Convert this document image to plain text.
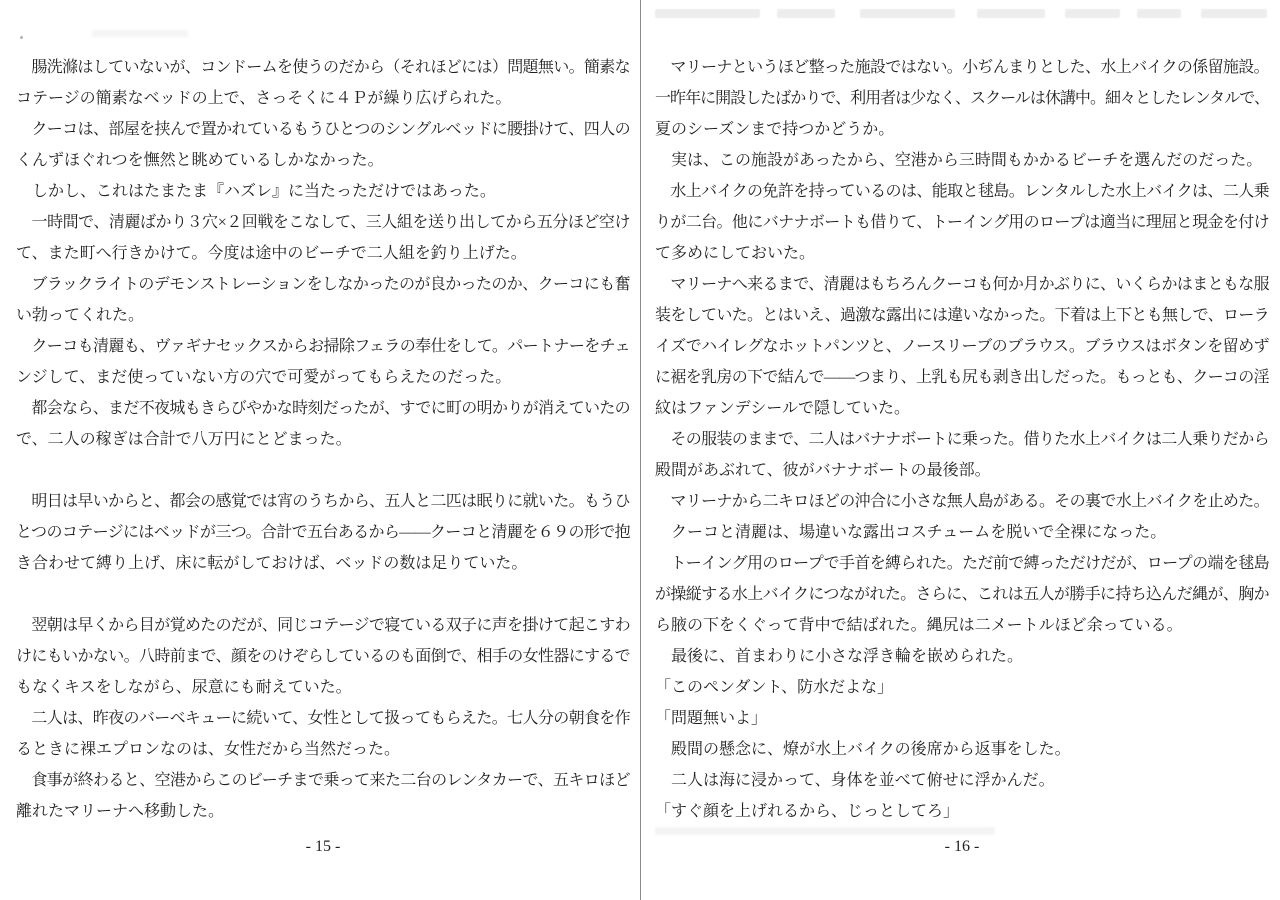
　腸洗滌はしていないが、コンドームを使うのだから（それほどには）問題無い。簡素な
コテージの簡素なベッドの上で、さっそくに４Ｐが繰り広げられた。
　クーコは、部屋を挟んで置かれているもうひとつのシングルベッドに腰掛けて、四人の
くんずほぐれつを憮然と眺めているしかなかった。
　しかし、これはたまたま『ハズレ』に当たっただけではあった。
　一時間で、清麗ばかり３穴×２回戦をこなして、三人組を送り出してから五分ほど空け
て、また町へ行きかけて。今度は途中のビーチで二人組を釣り上げた。
　ブラックライトのデモンストレーションをしなかったのが良かったのか、クーコにも奮
い勃ってくれた。
　クーコも清麗も、ヴァギナセックスからお掃除フェラの奉仕をして。パートナーをチェ
ンジして、まだ使っていない方の穴で可愛がってもらえたのだった。
　都会なら、まだ不夜城もきらびやかな時刻だったが、すでに町の明かりが消えていたの
で、二人の稼ぎは合計で八万円にとどまった。
　明日は早いからと、都会の感覚では宵のうちから、五人と二匹は眠りに就いた。もうひ
とつのコテージにはベッドが三つ。合計で五台あるから――クーコと清麗を６９の形で抱
き合わせて縛り上げ、床に転がしておけば、ベッドの数は足りていた。
　翌朝は早くから目が覚めたのだが、同じコテージで寝ている双子に声を掛けて起こすわ
けにもいかない。八時前まで、顔をのけぞらしているのも面倒で、相手の女性器にするで
もなくキスをしながら、尿意にも耐えていた。
　二人は、昨夜のバーベキューに続いて、女性として扱ってもらえた。七人分の朝食を作
るときに裸エプロンなのは、女性だから当然だった。
　食事が終わると、空港からこのビーチまで乗って来た二台のレンタカーで、五キロほど
離れたマリーナへ移動した。
- 15 -
　マリーナというほど整った施設ではない。小ぢんまりとした、水上バイクの係留施設。
一昨年に開設したばかりで、利用者は少なく、スクールは休講中。細々としたレンタルで、
夏のシーズンまで持つかどうか。
　実は、この施設があったから、空港から三時間もかかるビーチを選んだのだった。
　水上バイクの免許を持っているのは、能取と毬島。レンタルした水上バイクは、二人乗
りが二台。他にバナナボートも借りて、トーイング用のロープは適当に理屈と現金を付け
て多めにしておいた。
　マリーナへ来るまで、清麗はもちろんクーコも何か月かぶりに、いくらかはまともな服
装をしていた。とはいえ、過激な露出には違いなかった。下着は上下とも無しで、ローラ
イズでハイレグなホットパンツと、ノースリーブのブラウス。ブラウスはボタンを留めず
に裾を乳房の下で結んで――つまり、上乳も尻も剥き出しだった。もっとも、クーコの淫
紋はファンデシールで隠していた。
　その服装のままで、二人はバナナボートに乗った。借りた水上バイクは二人乗りだから
殿間があぶれて、彼がバナナボートの最後部。
　マリーナから二キロほどの沖合に小さな無人島がある。その裏で水上バイクを止めた。
　クーコと清麗は、場違いな露出コスチュームを脱いで全裸になった。
　トーイング用のロープで手首を縛られた。ただ前で縛っただけだが、ロープの端を毬島
が操縦する水上バイクにつながれた。さらに、これは五人が勝手に持ち込んだ縄が、胸か
ら腋の下をくぐって背中で結ばれた。縄尻は二メートルほど余っている。
　最後に、首まわりに小さな浮き輪を嵌められた。
「このペンダント、防水だよな」
「問題無いよ」
　殿間の懸念に、燎が水上バイクの後席から返事をした。
　二人は海に浸かって、身体を並べて俯せに浮かんだ。
「すぐ顔を上げれるから、じっとしてろ」
- 16 -
